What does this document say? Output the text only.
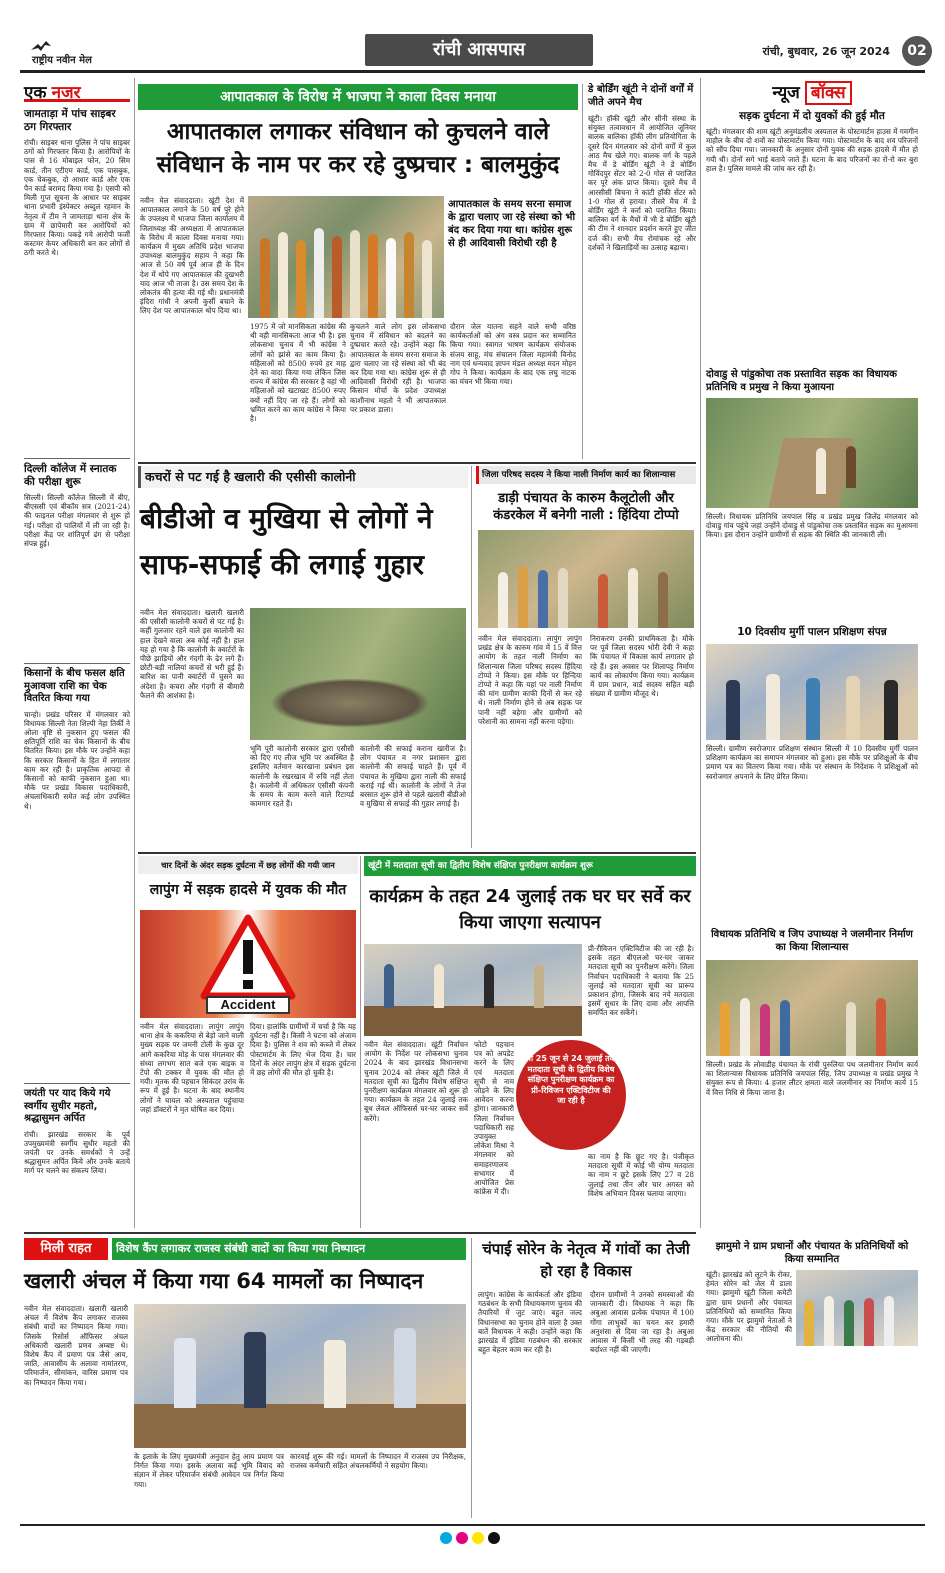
राष्ट्रीय नवीन मेल
रांची आसपास	रांची, बुधवार, 26 जून 2024	02
एक नजर
जामताड़ा में पांच साइबर ठग गिरफ्तार
रांची। साइबर थाना पुलिस ने पांच साइबर ठगों को गिरफ्तार किया है। आरोपियों के पास से 16 मोबाइल फोन, 20 सिम कार्ड, तीन एटीएम कार्ड, एक पासबुक, एक चेकबुक, दो आधार कार्ड और एक पैन कार्ड बरामद किया गया है। एसपी को मिली गुप्त सूचना के आधार पर साइबर थाना प्रभारी इंस्पेक्टर अब्दुल रहमान के नेतृत्व में टीम ने जामताड़ा थाना क्षेत्र के ग्राम में छापेमारी कर आरोपियों को गिरफ्तार किया। पकड़े गये आरोपी फर्जी कस्टमर केयर अधिकारी बन कर लोगों से ठगी करते थे।
दिल्ली कॉलेज में स्नातक की परीक्षा शुरू
सिल्ली। सिल्ली कॉलेज सिल्ली में बीए, बीएससी एवं बीकॉम सत्र (2021-24) की फाइनल परीक्षा मंगलवार से शुरू हो गई। परीक्षा दो पालियों में ली जा रही है। परीक्षा केंद्र पर शांतिपूर्ण ढंग से परीक्षा संपन्न हुई।
किसानों के बीच फसल क्षति मुआवजा राशि का चेक वितरित किया गया
चान्हो। प्रखंड परिसर में मंगलवार को विधायक सिल्ली नेता शिल्पी नेहा तिर्की ने ओला वृष्टि से नुकसान हुए फसल की क्षतिपूर्ति राशि का चेक किसानों के बीच वितरित किया। इस मौके पर उन्होंने कहा कि सरकार किसानों के हित में लगातार काम कर रही है। प्राकृतिक आपदा से किसानों को काफी नुकसान हुआ था। मौके पर प्रखंड विकास पदाधिकारी, अंचलाधिकारी समेत कई लोग उपस्थित थे।
जयंती पर याद किये गये स्वर्गीय सुधीर महतो, श्रद्धासुमन अर्पित
रांची। झारखंड सरकार के पूर्व उपमुख्यमंत्री स्वर्गीय सुधीर महतो की जयंती पर उनके समर्थकों ने उन्हें श्रद्धासुमन अर्पित किये और उनके बताये मार्ग पर चलने का संकल्प लिया।
आपातकाल के विरोध में भाजपा ने काला दिवस मनाया
आपातकाल लगाकर संविधान को कुचलने वाले संविधान के नाम पर कर रहे दुष्प्रचार : बालमुकुंद
आपातकाल के समय सरना समाज के द्वारा चलाए जा रहे संस्था को भी बंद कर दिया गया था। कांग्रेस शुरू से ही आदिवासी विरोधी रही है
नवीन मेल संवाददाता। खूंटी देश में आपातकाल लगाने के 50 वर्ष पूरे होने के उपलक्ष्य में भाजपा जिला कार्यालय में जिलाध्यक्ष की अध्यक्षता में आपातकाल के विरोध में काला दिवस मनाया गया। कार्यक्रम में मुख्य अतिथि प्रदेश भाजपा उपाध्यक्ष बालमुकुंद सहाय ने कहा कि आज से 50 वर्ष पूर्व आज ही के दिन देश में थोपे गए आपातकाल की दुखभरी याद आज भी ताजा है। उस समय देश के लोकतंत्र की हत्या की गई थी। प्रधानमंत्री इंदिरा गांधी ने अपनी कुर्सी बचाने के लिए देश पर आपातकाल थोप दिया था।
1975 में जो मानसिकता कांग्रेस की थी वही मानसिकता आज भी है। इस लोकसभा चुनाव में भी कांग्रेस ने लोगों को झांसे का काम किया है। महिलाओं को 8500 रुपये हर माह देने का वादा किया गया लेकिन जिस राज्य में कांग्रेस की सरकार है वहां भी महिलाओं को खटाखट 8500 रुपए क्यों नहीं दिए जा रहे हैं। लोगों को भ्रमित करने का काम कांग्रेस ने किया है।
कुचलने वाले लोग इस लोकसभा चुनाव में संविधान को बदलने का दुष्प्रचार करते रहे। उन्होंने कहा कि आपातकाल के समय सरना समाज के द्वारा चलाए जा रहे संस्था को भी बंद कर दिया गया था। कांग्रेस शुरू से ही आदिवासी विरोधी रही है। भाजपा किसान मोर्चा के प्रदेश उपाध्यक्ष काशीनाथ महतो ने भी आपातकाल पर प्रकाश डाला।
दौरान जेल यातना सहने वाले सभी वरिष्ठ कार्यकर्ताओं को अंग वस्त्र प्रदान कर सम्मानित किया गया। स्वागत भाषण कार्यक्रम संयोजक संजय साहू, मंच संचालन जिला महामंत्री विनोद नाग एवं धन्यवाद ज्ञापन मंडल अध्यक्ष मदन मोहन गोप ने किया। कार्यक्रम के बाद एक लघु नाटक का मंचन भी किया गया।
डे बोर्डिंग खूंटी ने दोनों वर्गों में जीते अपने मैच
खूंटी। हॉकी खूंटी और सीनी संस्था के संयुक्त तत्वावधान में आयोजित जूनियर बालक बालिका हॉकी लीग प्रतियोगिता के दूसरे दिन मंगलवार को दोनों वर्गों में कुल आठ मैच खेले गए। बालक वर्ग के पहले मैच में डे बोर्डिंग खूंटी ने डे बोर्डिंग गोविंदपुर सेंटर को 2-0 गोल से पराजित कर पूरे अंक प्राप्त किया। दूसरे मैच में आरसीसी बिचना ने कांटी हॉकी सेंटर को 1-0 गोल से हराया। तीसरे मैच में डे बोर्डिंग खूंटी ने कर्रा को पराजित किया। बालिका वर्ग के मैचों में भी डे बोर्डिंग खूंटी की टीम ने शानदार प्रदर्शन करते हुए जीत दर्ज की। सभी मैच रोमांचक रहे और दर्शकों ने खिलाड़ियों का उत्साह बढ़ाया।
कचरों से पट गई है खलारी की एसीसी कालोनी
बीडीओ व मुखिया से लोगों ने साफ-सफाई की लगाई गुहार
नवीन मेल संवाददाता। खलारी खलारी की एसीसी कालोनी कचरों से पट गई है। कहीं गुलजार रहने वाले इस कालोनी का हाल देखने वाला अब कोई नहीं है। हाल यह हो गया है कि कालोनी के क्वार्टरों के पीछे झाड़ियों और गंदगी के ढेर लगे हैं। छोटी-बड़ी नालियां कचरों से भरी हुई हैं। बारिश का पानी क्वार्टरों में घुसने का अंदेशा है। कचरा और गंदगी से बीमारी फैलने की आशंका है।
भूमि पूरी कालोनी सरकार द्वारा एसीसी को दिए गए लीज भूमि पर अवस्थित है इसलिए वर्तमान कारखाना प्रबंधन इस कालोनी के रखरखाव में रुचि नहीं लेता है। कालोनी में अधिकतर एसीसी कंपनी के समय के काम करने वाले रिटायर्ड कामगार रहते हैं।
कालोनी की सफाई कराना खारीज है। लोग पंचायत व नगर प्रशासन द्वारा कालोनी की सफाई चाहते हैं। पूर्व में पंचायत के मुखिया द्वारा नाली की सफाई कराई गई थी। कालोनी के लोगों ने तेज बरसात शुरू होने से पहले खलारी बीडीओ व मुखिया से सफाई की गुहार लगाई है।
जिला परिषद सदस्य ने किया नाली निर्माण कार्य का शिलान्यास
डाड़ी पंचायत के कारुम कैलूटोली और कंडरकेल में बनेगी नाली : हिंदिया टोप्पो
नवीन मेल संवाददाता। लापुंग लापुंग प्रखंड क्षेत्र के कारुम गांव में 15 वें वित्त आयोग के तहत नाली निर्माण का शिलान्यास जिला परिषद सदस्य हिंदिया टोप्पो ने किया। इस मौके पर हिन्दिया टोप्पो ने कहा कि यहां पर नाली निर्माण की मांग ग्रामीण काफी दिनों से कर रहे थे। नाली निर्माण होने से अब सड़क पर पानी नहीं बहेगा और ग्रामीणों को परेशानी का सामना नहीं करना पड़ेगा।
निराकरण उनकी प्राथमिकता है। मौके पर पूर्व जिला सदस्य भोरी देवी ने कहा कि पंचायत में विकास कार्य लगातार हो रहे हैं। इस अवसर पर शिलापट्ट निर्माण कार्य का लोकार्पण किया गया। कार्यक्रम में ग्राम प्रधान, वार्ड सदस्य सहित बड़ी संख्या में ग्रामीण मौजूद थे।
चार दिनों के अंदर सड़क दुर्घटना में छह लोगों की गयी जान
लापुंग में सड़क हादसे में युवक की मौत
Accident
नवीन मेल संवाददाता। लापुंग लापुंग थाना क्षेत्र के ककरिया से बेड़ो जाने वाली मुख्य सड़क पर जमनी टोली के कुछ दूर आगे ककरिया मोड़ के पास मंगलवार की संध्या लगभग सात बजे एक बाइक व टेंपो की टक्कर में युवक की मौत हो गयी। मृतक की पहचान सिकंदर उरांव के रूप में हुई है। घटना के बाद स्थानीय लोगों ने घायल को अस्पताल पहुंचाया जहां डॉक्टरों ने मृत घोषित कर दिया।
दिया। हालांकि ग्रामीणों में चर्चा है कि यह दुर्घटना नहीं है। किसी ने घटना को अंजाम दिया है। पुलिस ने शव को कब्जे में लेकर पोस्टमार्टम के लिए भेज दिया है। चार दिनों के अंदर लापुंग क्षेत्र में सड़क दुर्घटना में छह लोगों की मौत हो चुकी है।
खूंटी में मतदाता सूची का द्वितीय विशेष संक्षिप्त पुनरीक्षण कार्यक्रम शुरू
कार्यक्रम के तहत 24 जुलाई तक घर घर सर्वे कर किया जाएगा सत्यापन
प्री-रीविजन एक्टिविटीज की जा रही है। इसके तहत बीएलओ घर-घर जाकर मतदाता सूची का पुनरीक्षण करेंगे। जिला निर्वाचन पदाधिकारी ने बताया कि 25 जुलाई को मतदाता सूची का प्रारूप प्रकाशन होगा, जिसके बाद नये मतदाता इसमें सुधार के लिए दावा और आपत्ति समर्पित कर सकेंगे।
मी 25 जून से 24 जुलाई तक मतदाता सूची के द्वितीय विशेष संक्षिप्त पुनरीक्षण कार्यक्रम का प्री-रिविजन एक्टिविटीज की जा रही है
नवीन मेल संवाददाता। खूंटी निर्वाचन आयोग के निर्देश पर लोकसभा चुनाव 2024 के बाद झारखंड विधानसभा चुनाव 2024 को लेकर खूंटी जिले में मतदाता सूची का द्वितीय विशेष संक्षिप्त पुनरीक्षण कार्यक्रम मंगलवार को शुरू हो गया। कार्यक्रम के तहत 24 जुलाई तक बूथ लेवल ऑफिसर्स घर-घर जाकर सर्वे करेंगे।
फोटो पहचान पत्र को अपडेट करने के लिए एवं मतदाता सूची से नाम जोड़ने के लिए आवेदन करना होगा। जानकारी जिला निर्वाचन पदाधिकारी सह उपायुक्त लोकेश मिश्रा ने मंगलवार को समाहरणालय सभागार में आयोजित प्रेस कांफ्रेंस में दी।
का नाम है कि छूट गए है। पंजीकृत मतदाता सूची में कोई भी योग्य मतदाता का नाम न छूटे इसके लिए 27 व 28 जुलाई तथा तीन और चार अगस्त को विशेष अभियान दिवस चलाया जाएगा।
मिली राहत	विशेष कैंप लगाकर राजस्व संबंधी वादों का किया गया निष्पादन
खलारी अंचल में किया गया 64 मामलों का निष्पादन
नवीन मेल संवाददाता। खलारी खलारी अंचल में विशेष कैंप लगाकर राजस्व संबंधी वादों का निष्पादन किया गया। जिसके रिसोर्स ऑफिसर अंचल अधिकारी खलारी प्रणव अम्बष्ट थे। विशेष कैंप में प्रमाण पत्र जैसे आय, जाति, आवासीय के अलावा नामांतरण, परिमार्जन, सीमांकन, वारिस प्रमाण पत्र का निष्पादन किया गया।
के इलाके के लिए मुख्यमंत्री अनुदान हेतु आय प्रमाण पत्र निर्गत किया गया। इसके अलावा कई भूमि विवाद को संज्ञान में लेकर परिमार्जन संबंधी आवेदन पत्र निर्गत किया गया।
कारवाई शुरू की गई। मामलों के निष्पादन में राजस्व उप निरीक्षक, राजस्व कर्मचारी सहित अंचलकर्मियों ने सहयोग किया।
चंपाई सोरेन के नेतृत्व में गांवों का तेजी हो रहा है विकास
लापुंग। कांग्रेस के कार्यकर्ता और इंडिया गठबंधन के सभी विधायकगण चुनाव की तैयारियों में जुट जाएं। बहुत जल्द विधानसभा का चुनाव होने वाला है उक्त बातें विधायक ने कही। उन्होंने कहा कि झारखंड में इंडिया गठबंधन की सरकार बहुत बेहतर काम कर रही है।
दौरान ग्रामीणों ने उनको समस्याओं की जानकारी दी। विधायक ने कहा कि अबुआ आवास प्रत्येक पंचायत में 100 गोंगा लाभुकों का चयन कर हमारी अनुशंसा से दिया जा रहा है। अबुआ आवास में किसी भी तरह की गड़बड़ी बर्दाश्त नहीं की जाएगी।
न्यूज बॉक्स
सड़क दुर्घटना में दो युवकों की हुई मौत
खूंटी। मंगलवार की शाम खूंटी अनुमंडलीय अस्पताल के पोस्टमार्टम हाउस में गमगीन माहौल के बीच दो शवों का पोस्टमार्टम किया गया। पोस्टमार्टम के बाद शव परिजनों को सौंप दिया गया। जानकारी के अनुसार दोनों युवक की सड़क हादसे में मौत हो गयी थी। दोनों सगे भाई बताये जाते हैं। घटना के बाद परिजनों का रो-रो कर बुरा हाल है। पुलिस मामले की जांच कर रही है।
दोवाडु से पांडुकोचा तक प्रस्तावित सड़क का विधायक प्रतिनिधि व प्रमुख ने किया मुआयना
सिल्ली। विधायक प्रतिनिधि जयपाल सिंह व प्रखंड प्रमुख जिलेंद्र मंगलवार को दोवाडु गांव पहुंचे जहां उन्होंने दोवाडु से पांडुकोचा तक प्रस्तावित सड़क का मुआयना किया। इस दौरान उन्होंने ग्रामीणों से सड़क की स्थिति की जानकारी ली।
10 दिवसीय मुर्गी पालन प्रशिक्षण संपन्न
सिल्ली। ग्रामीण स्वरोजगार प्रशिक्षण संस्थान सिल्ली में 10 दिवसीय मुर्गी पालन प्रशिक्षण कार्यक्रम का समापन मंगलवार को हुआ। इस मौके पर प्रशिक्षुओं के बीच प्रमाण पत्र का वितरण किया गया। मौके पर संस्थान के निदेशक ने प्रशिक्षुओं को स्वरोजगार अपनाने के लिए प्रेरित किया।
विधायक प्रतिनिधि व जिप उपाध्यक्ष ने जलमीनार निर्माण का किया शिलान्यास
सिल्ली। प्रखंड के लोवाडीह पंचायत के रांची पुरुलिया पथ जलमीनार निर्माण कार्य का शिलान्यास विधायक प्रतिनिधि जयपाल सिंह, जिप उपाध्यक्ष व प्रखंड प्रमुख ने संयुक्त रूप से किया। 4 हजार लीटर क्षमता वाले जलमीनार का निर्माण कार्य 15 वें वित्त निधि से किया जाना है।
झामुमो ने ग्राम प्रधानों और पंचायत के प्रतिनिधियों को किया सम्मानित
खूंटी। झारखंड को लूटने के रोका, हेमंत सोरेन को जेल में डाला गया। झामुमो खूंटी जिला कमेटी द्वारा ग्राम प्रधानों और पंचायत प्रतिनिधियों को सम्मानित किया गया। मौके पर झामुमो नेताओं ने केंद्र सरकार की नीतियों की आलोचना की।
